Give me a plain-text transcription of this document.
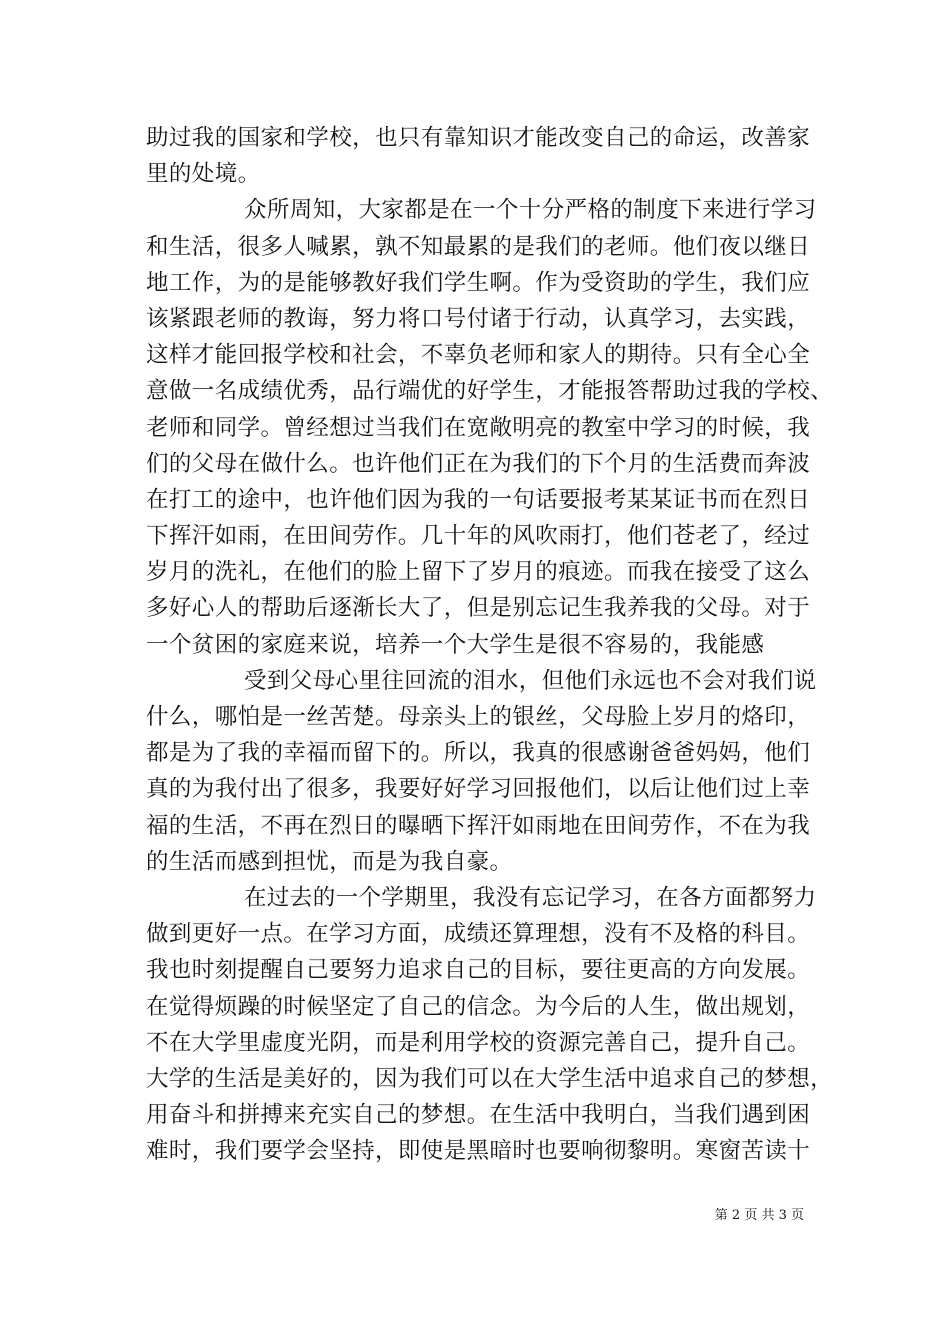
助过我的国家和学校，也只有靠知识才能改变自己的命运，改善家
里的处境。
众所周知，大家都是在一个十分严格的制度下来进行学习
和生活，很多人喊累，孰不知最累的是我们的老师。他们夜以继日
地工作，为的是能够教好我们学生啊。作为受资助的学生，我们应
该紧跟老师的教诲，努力将口号付诸于行动，认真学习，去实践，
这样才能回报学校和社会，不辜负老师和家人的期待。只有全心全
意做一名成绩优秀，品行端优的好学生，才能报答帮助过我的学校、
老师和同学。曾经想过当我们在宽敞明亮的教室中学习的时候，我
们的父母在做什么。也许他们正在为我们的下个月的生活费而奔波
在打工的途中，也许他们因为我的一句话要报考某某证书而在烈日
下挥汗如雨，在田间劳作。几十年的风吹雨打，他们苍老了，经过
岁月的洗礼，在他们的脸上留下了岁月的痕迹。而我在接受了这么
多好心人的帮助后逐渐长大了，但是别忘记生我养我的父母。对于
一个贫困的家庭来说，培养一个大学生是很不容易的，我能感
受到父母心里往回流的泪水，但他们永远也不会对我们说
什么，哪怕是一丝苦楚。母亲头上的银丝，父母脸上岁月的烙印，
都是为了我的幸福而留下的。所以，我真的很感谢爸爸妈妈，他们
真的为我付出了很多，我要好好学习回报他们，以后让他们过上幸
福的生活，不再在烈日的曝晒下挥汗如雨地在田间劳作，不在为我
的生活而感到担忧，而是为我自豪。
在过去的一个学期里，我没有忘记学习，在各方面都努力
做到更好一点。在学习方面，成绩还算理想，没有不及格的科目。
我也时刻提醒自己要努力追求自己的目标，要往更高的方向发展。
在觉得烦躁的时候坚定了自己的信念。为今后的人生，做出规划，
不在大学里虚度光阴，而是利用学校的资源完善自己，提升自己。
大学的生活是美好的，因为我们可以在大学生活中追求自己的梦想，
用奋斗和拼搏来充实自己的梦想。在生活中我明白，当我们遇到困
难时，我们要学会坚持，即使是黑暗时也要响彻黎明。寒窗苦读十
第 2 页 共 3 页
